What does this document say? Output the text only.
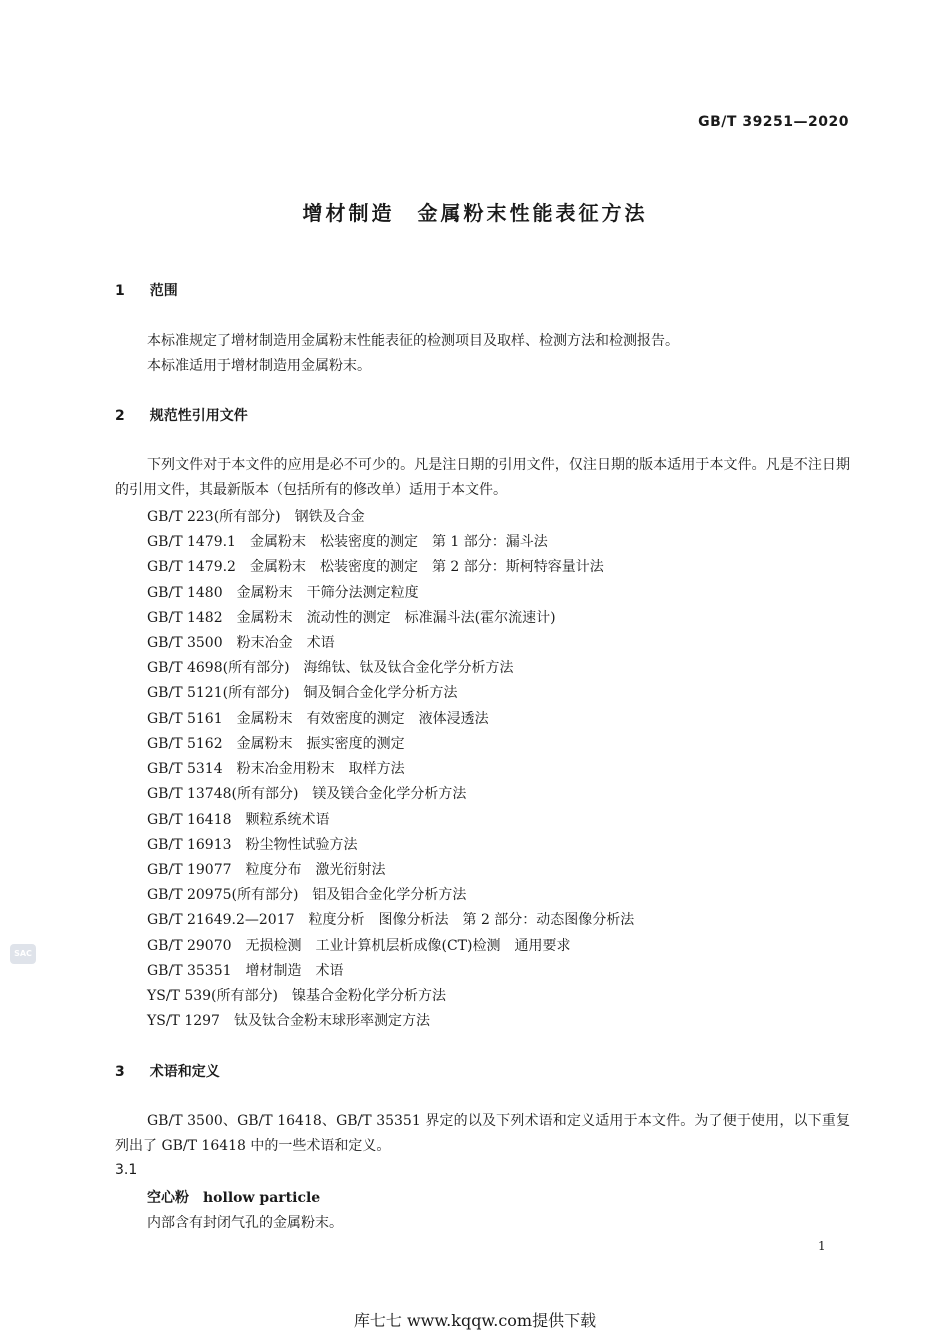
GB/T 39251—2020
增材制造　金属粉末性能表征方法
1 范围
本标准规定了增材制造用金属粉末性能表征的检测项目及取样、检测方法和检测报告。
本标准适用于增材制造用金属粉末。
2 规范性引用文件
下列文件对于本文件的应用是必不可少的。凡是注日期的引用文件，仅注日期的版本适用于本文件。凡是不注日期的引用文件，其最新版本（包括所有的修改单）适用于本文件。
GB/T 223(所有部分)　钢铁及合金
GB/T 1479.1　金属粉末　松装密度的测定　第 1 部分：漏斗法
GB/T 1479.2　金属粉末　松装密度的测定　第 2 部分：斯柯特容量计法
GB/T 1480　金属粉末　干筛分法测定粒度
GB/T 1482　金属粉末　流动性的测定　标准漏斗法(霍尔流速计)
GB/T 3500　粉末冶金　术语
GB/T 4698(所有部分)　海绵钛、钛及钛合金化学分析方法
GB/T 5121(所有部分)　铜及铜合金化学分析方法
GB/T 5161　金属粉末　有效密度的测定　液体浸透法
GB/T 5162　金属粉末　振实密度的测定
GB/T 5314　粉末冶金用粉末　取样方法
GB/T 13748(所有部分)　镁及镁合金化学分析方法
GB/T 16418　颗粒系统术语
GB/T 16913　粉尘物性试验方法
GB/T 19077　粒度分布　激光衍射法
GB/T 20975(所有部分)　铝及铝合金化学分析方法
GB/T 21649.2—2017　粒度分析　图像分析法　第 2 部分：动态图像分析法
GB/T 29070　无损检测　工业计算机层析成像(CT)检测　通用要求
GB/T 35351　增材制造　术语
YS/T 539(所有部分)　镍基合金粉化学分析方法
YS/T 1297　钛及钛合金粉末球形率测定方法
SAC
3 术语和定义
GB/T 3500、GB/T 16418、GB/T 35351 界定的以及下列术语和定义适用于本文件。为了便于使用，以下重复列出了 GB/T 16418 中的一些术语和定义。
3.1
空心粉　 hollow particle
内部含有封闭气孔的金属粉末。
1
库七七 www.kqqw.com提供下载
